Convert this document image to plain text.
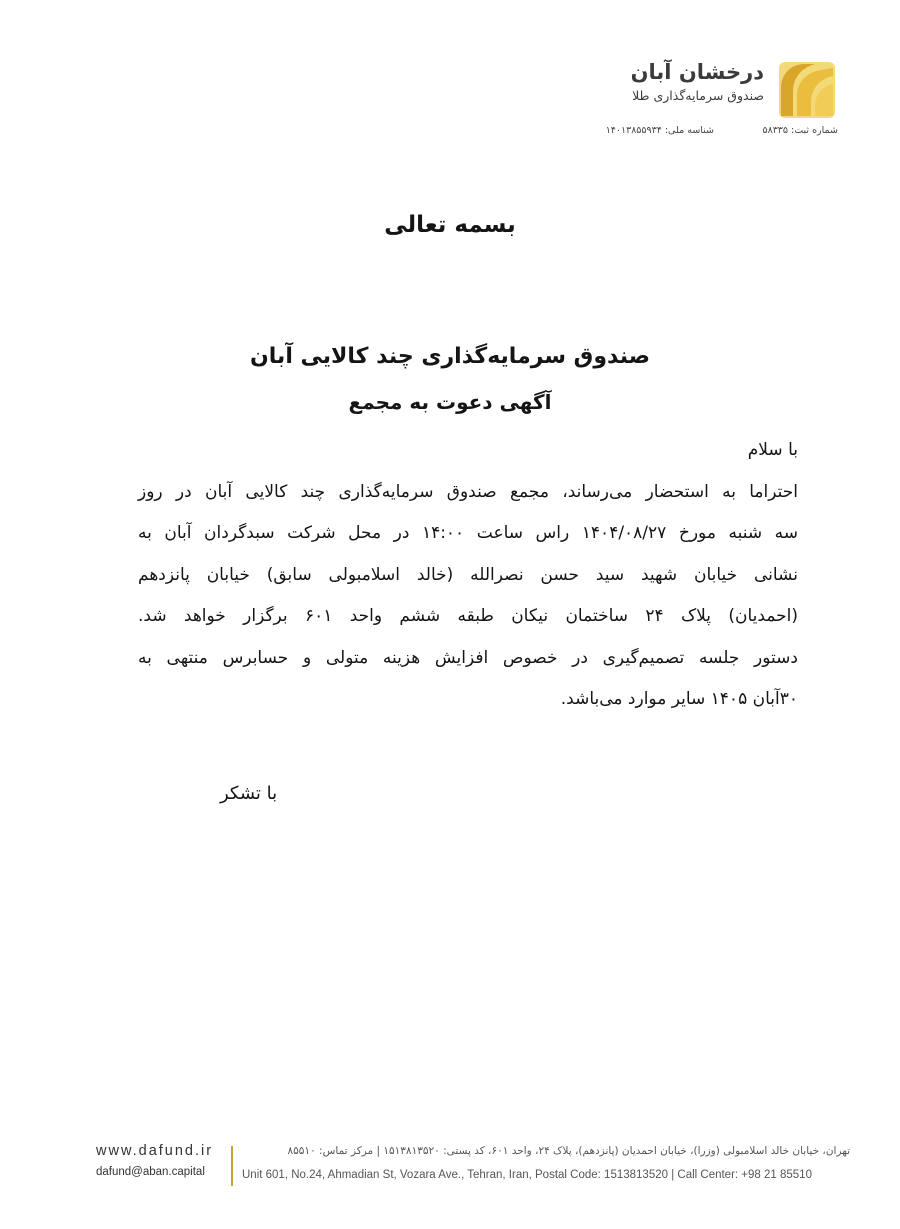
درخشان آبان
صندوق سرمایه‌گذاری طلا
شماره ثبت: ۵۸۳۳۵
شناسه ملی: ۱۴۰۱۳۸۵۵۹۳۴
بسمه تعالی
صندوق سرمایه‌گذاری چند کالایی آبان
آگهی دعوت به مجمع
با سلام
احتراما به استحضار می‌رساند، مجمع صندوق سرمایه‌گذاری چند کالایی آبان در روز
سه شنبه مورخ ۱۴۰۴/۰۸/۲۷ راس ساعت ۱۴:۰۰ در محل شرکت سبدگردان آبان به
نشانی خیابان شهید سید حسن نصرالله (خالد اسلامبولی سابق) خیابان پانزدهم
(احمدیان) پلاک ۲۴ ساختمان نیکان طبقه ششم واحد ۶۰۱ برگزار خواهد شد.
دستور جلسه تصمیم‌گیری در خصوص افزایش هزینه متولی و حسابرس منتهی به
۳۰آبان ۱۴۰۵ سایر موارد می‌باشد.
با تشکر
www.dafund.ir
dafund@aban.capital
تهران، خیابان خالد اسلامبولی (وزرا)، خیابان احمدیان (پانزدهم)، پلاک ۲۴، واحد ۶۰۱، کد پستی: ۱۵۱۳۸۱۳۵۲۰ | مرکز تماس: ۸۵۵۱۰
Unit 601, No.24, Ahmadian St, Vozara Ave., Tehran, Iran, Postal Code: 1513813520 | Call Center: +98 21 85510
